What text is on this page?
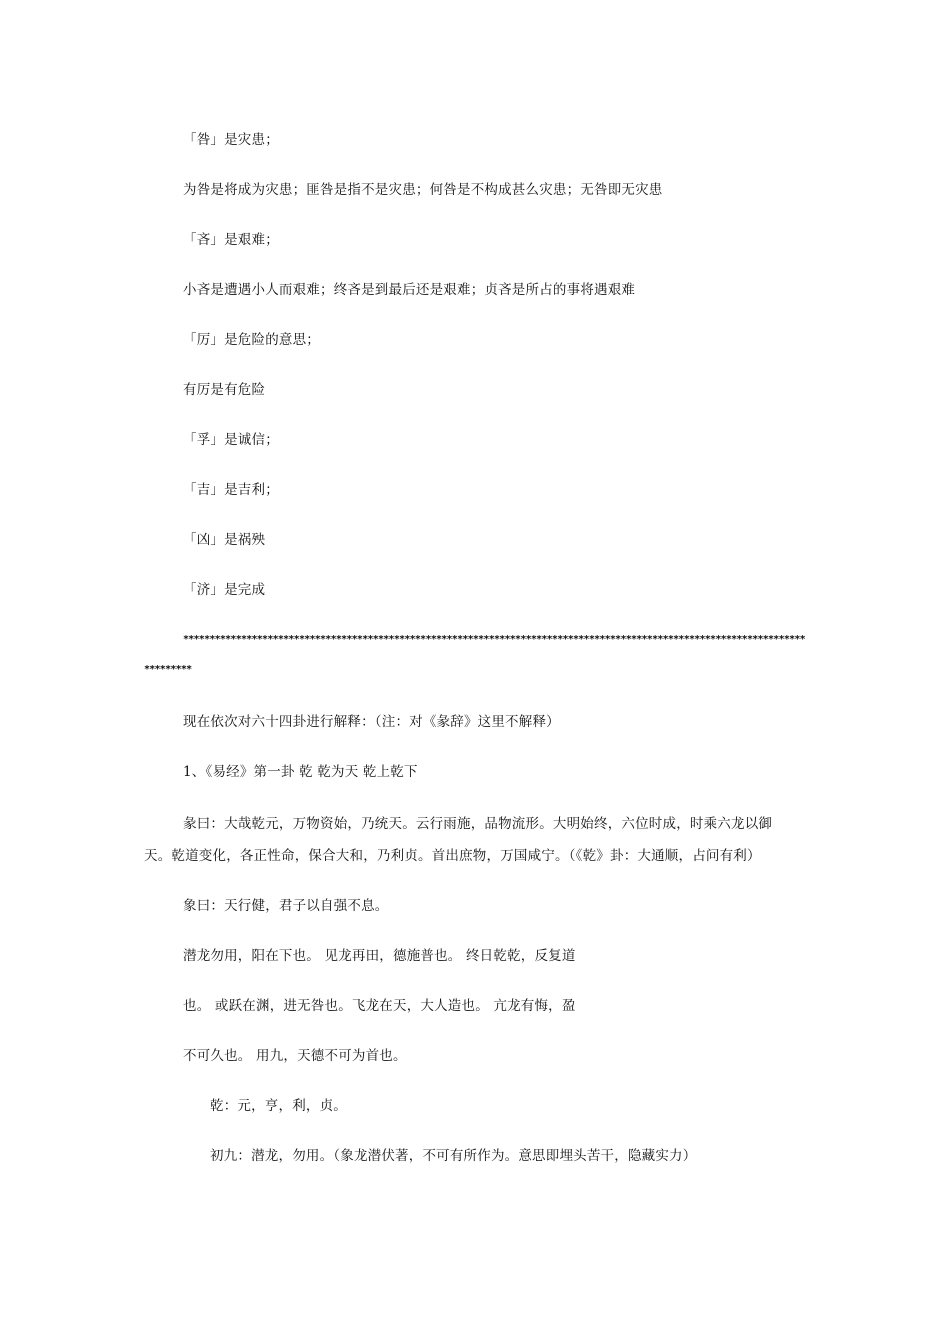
「咎」是灾患；
为咎是将成为灾患；匪咎是指不是灾患；何咎是不构成甚么灾患；无咎即无灾患
「吝」是艰难；
小吝是遭遇小人而艰难；终吝是到最后还是艰难；贞吝是所占的事将遇艰难
「厉」是危险的意思；
有厉是有危险
「孚」是诚信；
「吉」是吉利；
「凶」是祸殃
「济」是完成
**********************************************************************************************************************
*********
现在依次对六十四卦进行解释：（注：对《彖辞》这里不解释）
1、《易经》第一卦 乾 乾为天 乾上乾下
彖曰：大哉乾元，万物资始，乃统天。云行雨施，品物流形。大明始终，六位时成，时乘六龙以御
天。乾道变化，各正性命，保合大和，乃利贞。首出庶物，万国咸宁。（《乾》卦：大通顺，占问有利）
象曰：天行健，君子以自强不息。
潜龙勿用，阳在下也。 见龙再田，德施普也。 终日乾乾，反复道
也。 或跃在渊，进无咎也。飞龙在天，大人造也。 亢龙有悔，盈
不可久也。 用九，天德不可为首也。
乾：元，亨，利，贞。
初九：潜龙，勿用。（象龙潜伏著，不可有所作为。意思即埋头苦干，隐藏实力）
